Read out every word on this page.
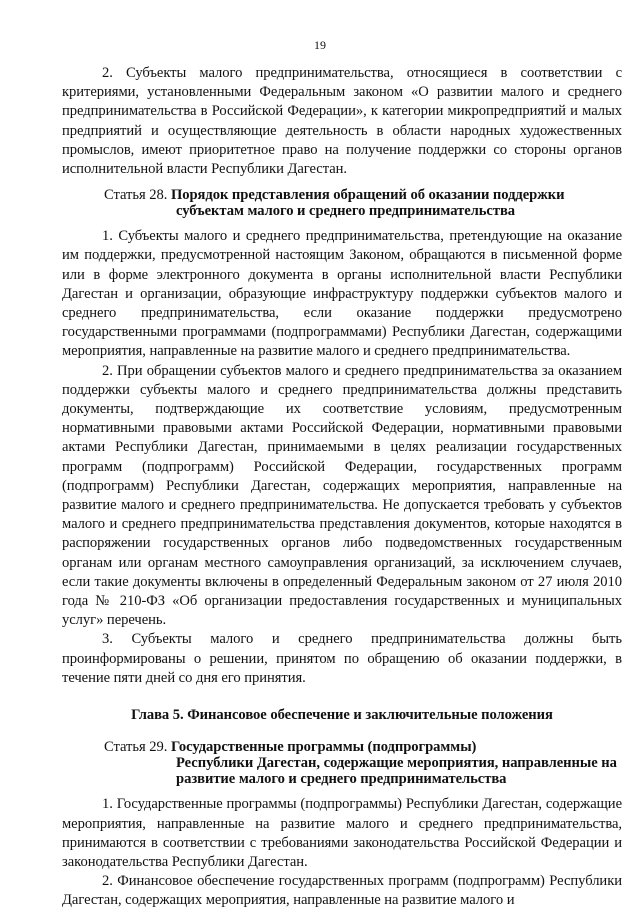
19

2. Субъекты малого предпринимательства, относящиеся в соответствии с критериями, установленными Федеральным законом «О развитии малого и среднего предпринимательства в Российской Федерации», к категории микропредприятий и малых предприятий и осуществляющие деятельность в области народных художественных промыслов, имеют приоритетное право на получение поддержки со стороны органов исполнительной власти Республики Дагестан.

Статья 28. Порядок представления обращений об оказании поддержки
субъектам малого и среднего предпринимательства

1. Субъекты малого и среднего предпринимательства, претендующие на оказание им поддержки, предусмотренной настоящим Законом, обращаются в письменной форме или в форме электронного документа в органы исполнительной власти Республики Дагестан и организации, образующие инфраструктуру поддержки субъектов малого и среднего предпринимательства, если оказание поддержки предусмотрено государственными программами (подпрограммами) Республики Дагестан, содержащими мероприятия, направленные на развитие малого и среднего предпринимательства.

2. При обращении субъектов малого и среднего предпринимательства за оказанием поддержки субъекты малого и среднего предпринимательства должны представить документы, подтверждающие их соответствие условиям, предусмотренным нормативными правовыми актами Российской Федерации, нормативными правовыми актами Республики Дагестан, принимаемыми в целях реализации государственных программ (подпрограмм) Российской Федерации, государственных программ (подпрограмм) Республики Дагестан, содержащих мероприятия, направленные на развитие малого и среднего предпринимательства. Не допускается требовать у субъектов малого и среднего предпринимательства представления документов, которые находятся в распоряжении государственных органов либо подведомственных государственным органам или органам местного самоуправления организаций, за исключением случаев, если такие документы включены в определенный Федеральным законом от 27 июля 2010 года № 210-ФЗ «Об организации предоставления государственных и муниципальных услуг» перечень.

3. Субъекты малого и среднего предпринимательства должны быть проинформированы о решении, принятом по обращению об оказании поддержки, в течение пяти дней со дня его принятия.

Глава 5. Финансовое обеспечение и заключительные положения
Статья 29. Государственные программы (подпрограммы)
Республики Дагестан, содержащие мероприятия, направленные на развитие малого и среднего предпринимательства

1. Государственные программы (подпрограммы) Республики Дагестан, содержащие мероприятия, направленные на развитие малого и среднего предпринимательства, принимаются в соответствии с требованиями законодательства Российской Федерации и законодательства Республики Дагестан.

2. Финансовое обеспечение государственных программ (подпрограмм) Республики Дагестан, содержащих мероприятия, направленные на развитие малого и
